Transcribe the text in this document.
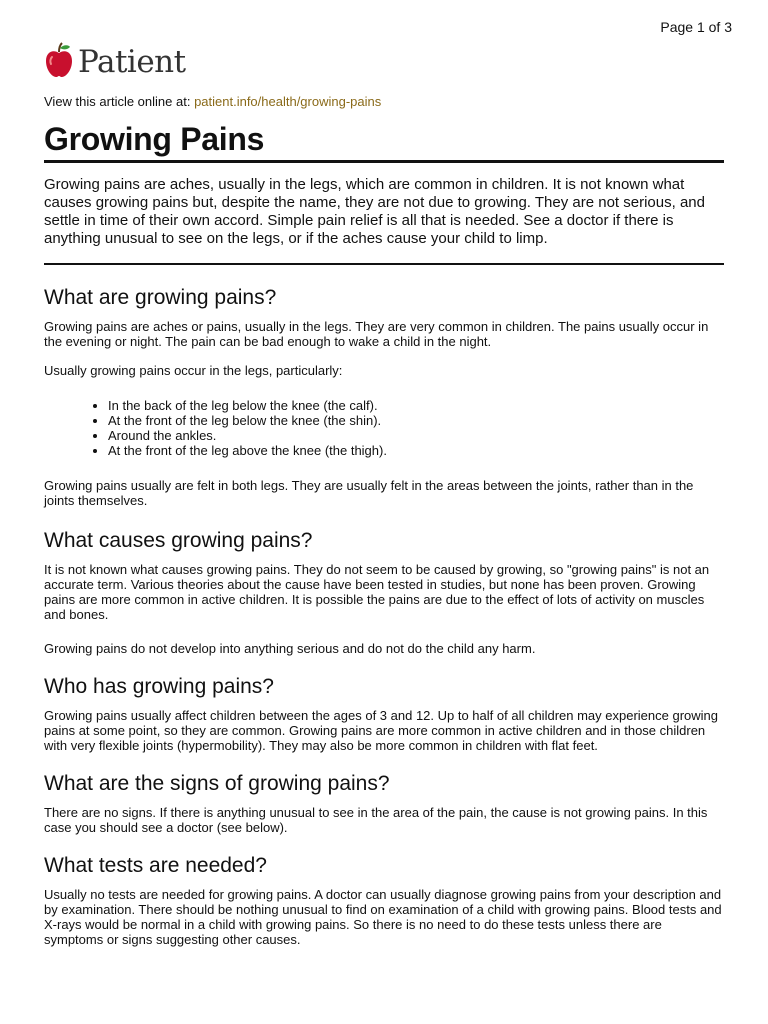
Page 1 of 3
Patient
View this article online at: patient.info/health/growing-pains
Growing Pains

Growing pains are aches, usually in the legs, which are common in children. It is not known what causes growing pains but, despite the name, they are not due to growing. They are not serious, and settle in time of their own accord. Simple pain relief is all that is needed. See a doctor if there is anything unusual to see on the legs, or if the aches cause your child to limp.

What are growing pains?

Growing pains are aches or pains, usually in the legs. They are very common in children. The pains usually occur in the evening or night. The pain can be bad enough to wake a child in the night.

Usually growing pains occur in the legs, particularly:

• In the back of the leg below the knee (the calf).
• At the front of the leg below the knee (the shin).
• Around the ankles.
• At the front of the leg above the knee (the thigh).

Growing pains usually are felt in both legs. They are usually felt in the areas between the joints, rather than in the joints themselves.

What causes growing pains?

It is not known what causes growing pains. They do not seem to be caused by growing, so "growing pains" is not an accurate term. Various theories about the cause have been tested in studies, but none has been proven. Growing pains are more common in active children. It is possible the pains are due to the effect of lots of activity on muscles and bones.

Growing pains do not develop into anything serious and do not do the child any harm.

Who has growing pains?

Growing pains usually affect children between the ages of 3 and 12. Up to half of all children may experience growing pains at some point, so they are common. Growing pains are more common in active children and in those children with very flexible joints (hypermobility). They may also be more common in children with flat feet.

What are the signs of growing pains?

There are no signs. If there is anything unusual to see in the area of the pain, the cause is not growing pains. In this case you should see a doctor (see below).

What tests are needed?

Usually no tests are needed for growing pains. A doctor can usually diagnose growing pains from your description and by examination. There should be nothing unusual to find on examination of a child with growing pains. Blood tests and X-rays would be normal in a child with growing pains. So there is no need to do these tests unless there are symptoms or signs suggesting other causes.
